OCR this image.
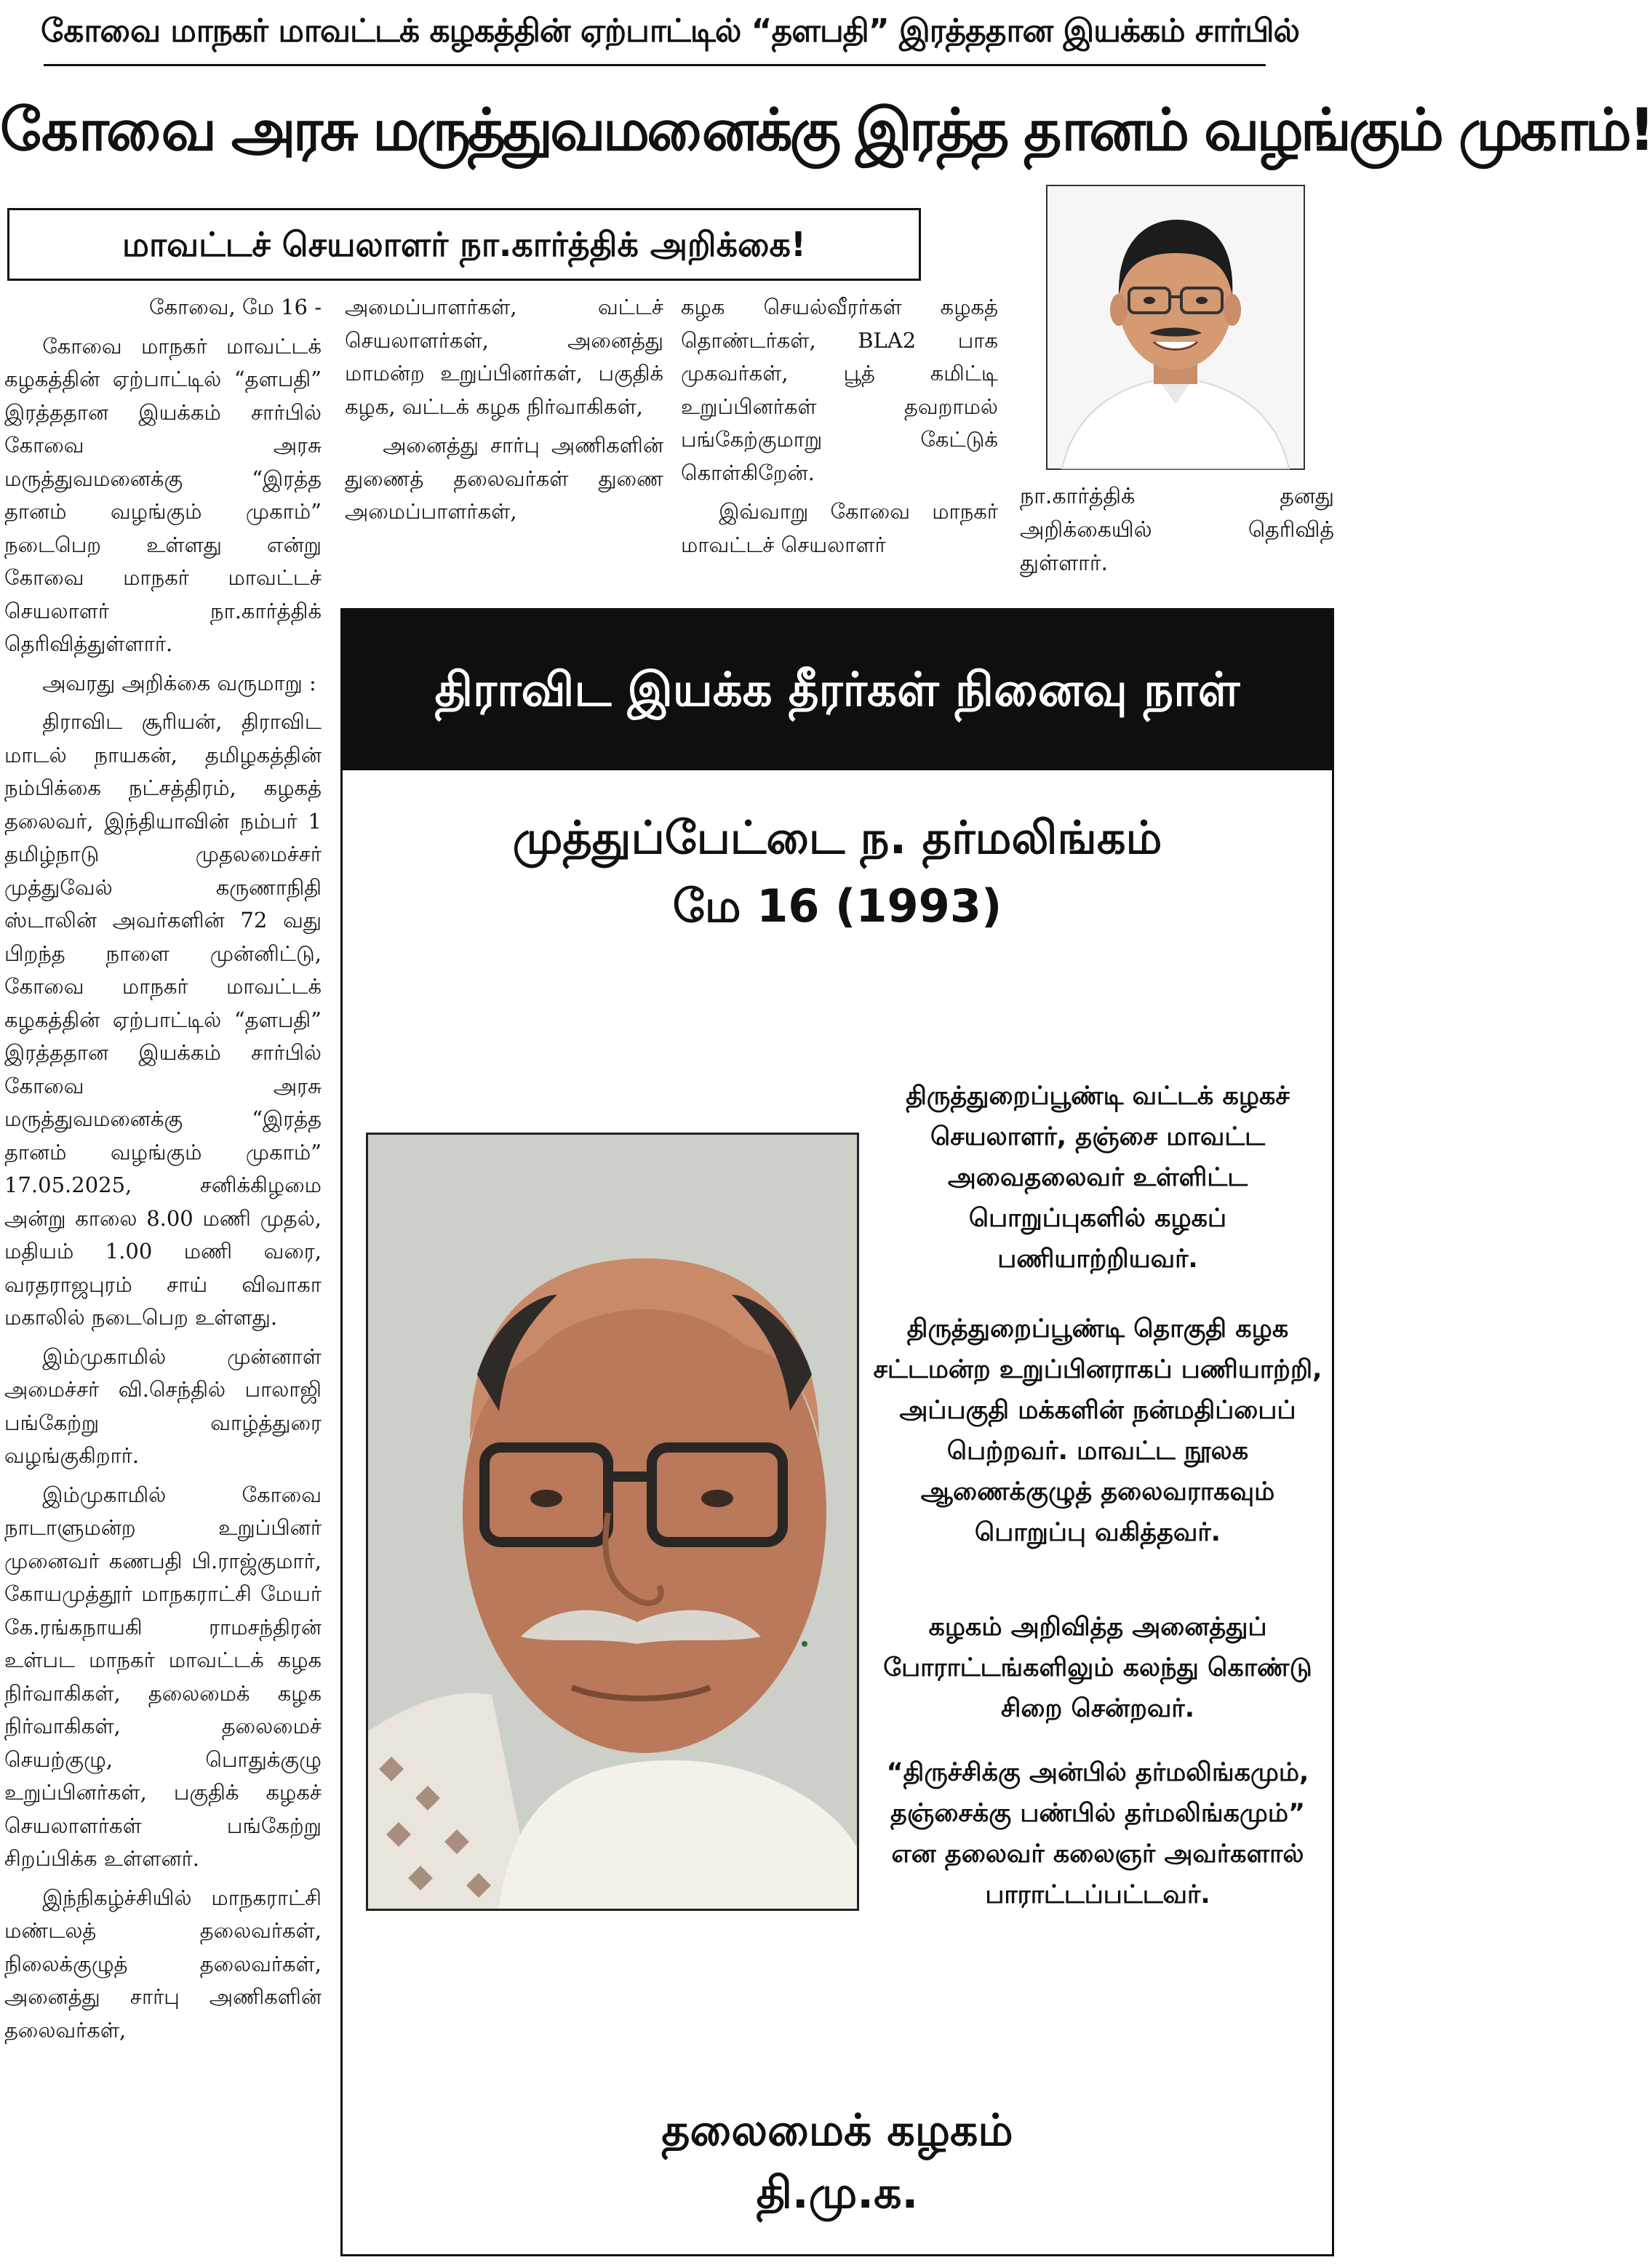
கோவை மாநகர் மாவட்டக் கழகத்தின் ஏற்பாட்டில் “தளபதி” இரத்ததான இயக்கம் சார்பில்
கோவை அரசு மருத்துவமனைக்கு இரத்த தானம் வழங்கும் முகாம்!
மாவட்டச் செயலாளர் நா.கார்த்திக் அறிக்கை!
நா.கார்த்திக் தனது அறிக்கையில் தெரிவித் துள்ளார்.

கோவை, மே 16 -

கோவை மாநகர் மாவட்டக் கழகத்தின் ஏற்பாட்டில் “தளபதி” இரத்ததான இயக்கம் சார்பில் கோவை அரசு மருத்துவமனைக்கு “இரத்த தானம் வழங்கும் முகாம்” நடைபெற உள்ளது என்று கோவை மாநகர் மாவட்டச் செயலாளர் நா.கார்த்திக் தெரிவித்துள்ளார்.

அவரது அறிக்கை வருமாறு :

திராவிட சூரியன், திராவிட மாடல் நாயகன், தமிழகத்தின் நம்பிக்கை நட்சத்திரம், கழகத் தலைவர், இந்தியாவின் நம்பர் 1 தமிழ்நாடு முதலமைச்சர் முத்துவேல் கருணாநிதி ஸ்டாலின் அவர்களின் 72 வது பிறந்த நாளை முன்னிட்டு, கோவை மாநகர் மாவட்டக் கழகத்தின் ஏற்பாட்டில் “தளபதி” இரத்ததான இயக்கம் சார்பில் கோவை அரசு மருத்துவமனைக்கு “இரத்த தானம் வழங்கும் முகாம்” 17.05.2025, சனிக்கிழமை அன்று காலை 8.00 மணி முதல், மதியம் 1.00 மணி வரை, வரதராஜபுரம் சாய் விவாகா மகாலில் நடைபெற உள்ளது.

இம்முகாமில் முன்னாள் அமைச்சர் வி.செந்தில் பாலாஜி பங்கேற்று வாழ்த்துரை வழங்குகிறார்.

இம்முகாமில் கோவை நாடாளுமன்ற உறுப்பினர் முனைவர் கணபதி பி.ராஜ்குமார், கோயமுத்தூர் மாநகராட்சி மேயர் கே.ரங்கநாயகி ராமசந்திரன் உள்பட மாநகர் மாவட்டக் கழக நிர்வாகிகள், தலைமைக் கழக நிர்வாகிகள், தலைமைச் செயற்குழு, பொதுக்குழு உறுப்பினர்கள், பகுதிக் கழகச் செயலாளர்கள் பங்கேற்று சிறப்பிக்க உள்ளனர்.

இந்நிகழ்ச்சியில் மாநகராட்சி மண்டலத் தலைவர்கள், நிலைக்குழுத் தலைவர்கள், அனைத்து சார்பு அணிகளின் தலைவர்கள்,

அமைப்பாளர்கள், வட்டச் செயலாளர்கள், அனைத்து மாமன்ற உறுப்பினர்கள், பகுதிக் கழக, வட்டக் கழக நிர்வாகிகள்,

அனைத்து சார்பு அணிகளின் துணைத் தலைவர்கள் துணை அமைப்பாளர்கள்,

கழக செயல்வீரர்கள் கழகத் தொண்டர்கள், BLA2 பாக முகவர்கள், பூத் கமிட்டி உறுப்பினர்கள் தவறாமல் பங்கேற்குமாறு கேட்டுக் கொள்கிறேன்.

இவ்வாறு கோவை மாநகர் மாவட்டச் செயலாளர்

திராவிட இயக்க தீரர்கள் நினைவு நாள்
முத்துப்பேட்டை ந. தர்மலிங்கம்
மே 16 (1993)
திருத்துறைப்பூண்டி வட்டக் கழகச் செயலாளர், தஞ்சை மாவட்ட அவைதலைவர் உள்ளிட்ட பொறுப்புகளில் கழகப் பணியாற்றியவர்.
திருத்துறைப்பூண்டி தொகுதி கழக சட்டமன்ற உறுப்பினராகப் பணியாற்றி, அப்பகுதி மக்களின் நன்மதிப்பைப் பெற்றவர். மாவட்ட நூலக ஆணைக்குழுத் தலைவராகவும் பொறுப்பு வகித்தவர்.
கழகம் அறிவித்த அனைத்துப் போராட்டங்களிலும் கலந்து கொண்டு சிறை சென்றவர்.
“திருச்சிக்கு அன்பில் தர்மலிங்கமும், தஞ்சைக்கு பண்பில் தர்மலிங்கமும்” என தலைவர் கலைஞர் அவர்களால் பாராட்டப்பட்டவர்.
தலைமைக் கழகம்
தி.மு.க.
